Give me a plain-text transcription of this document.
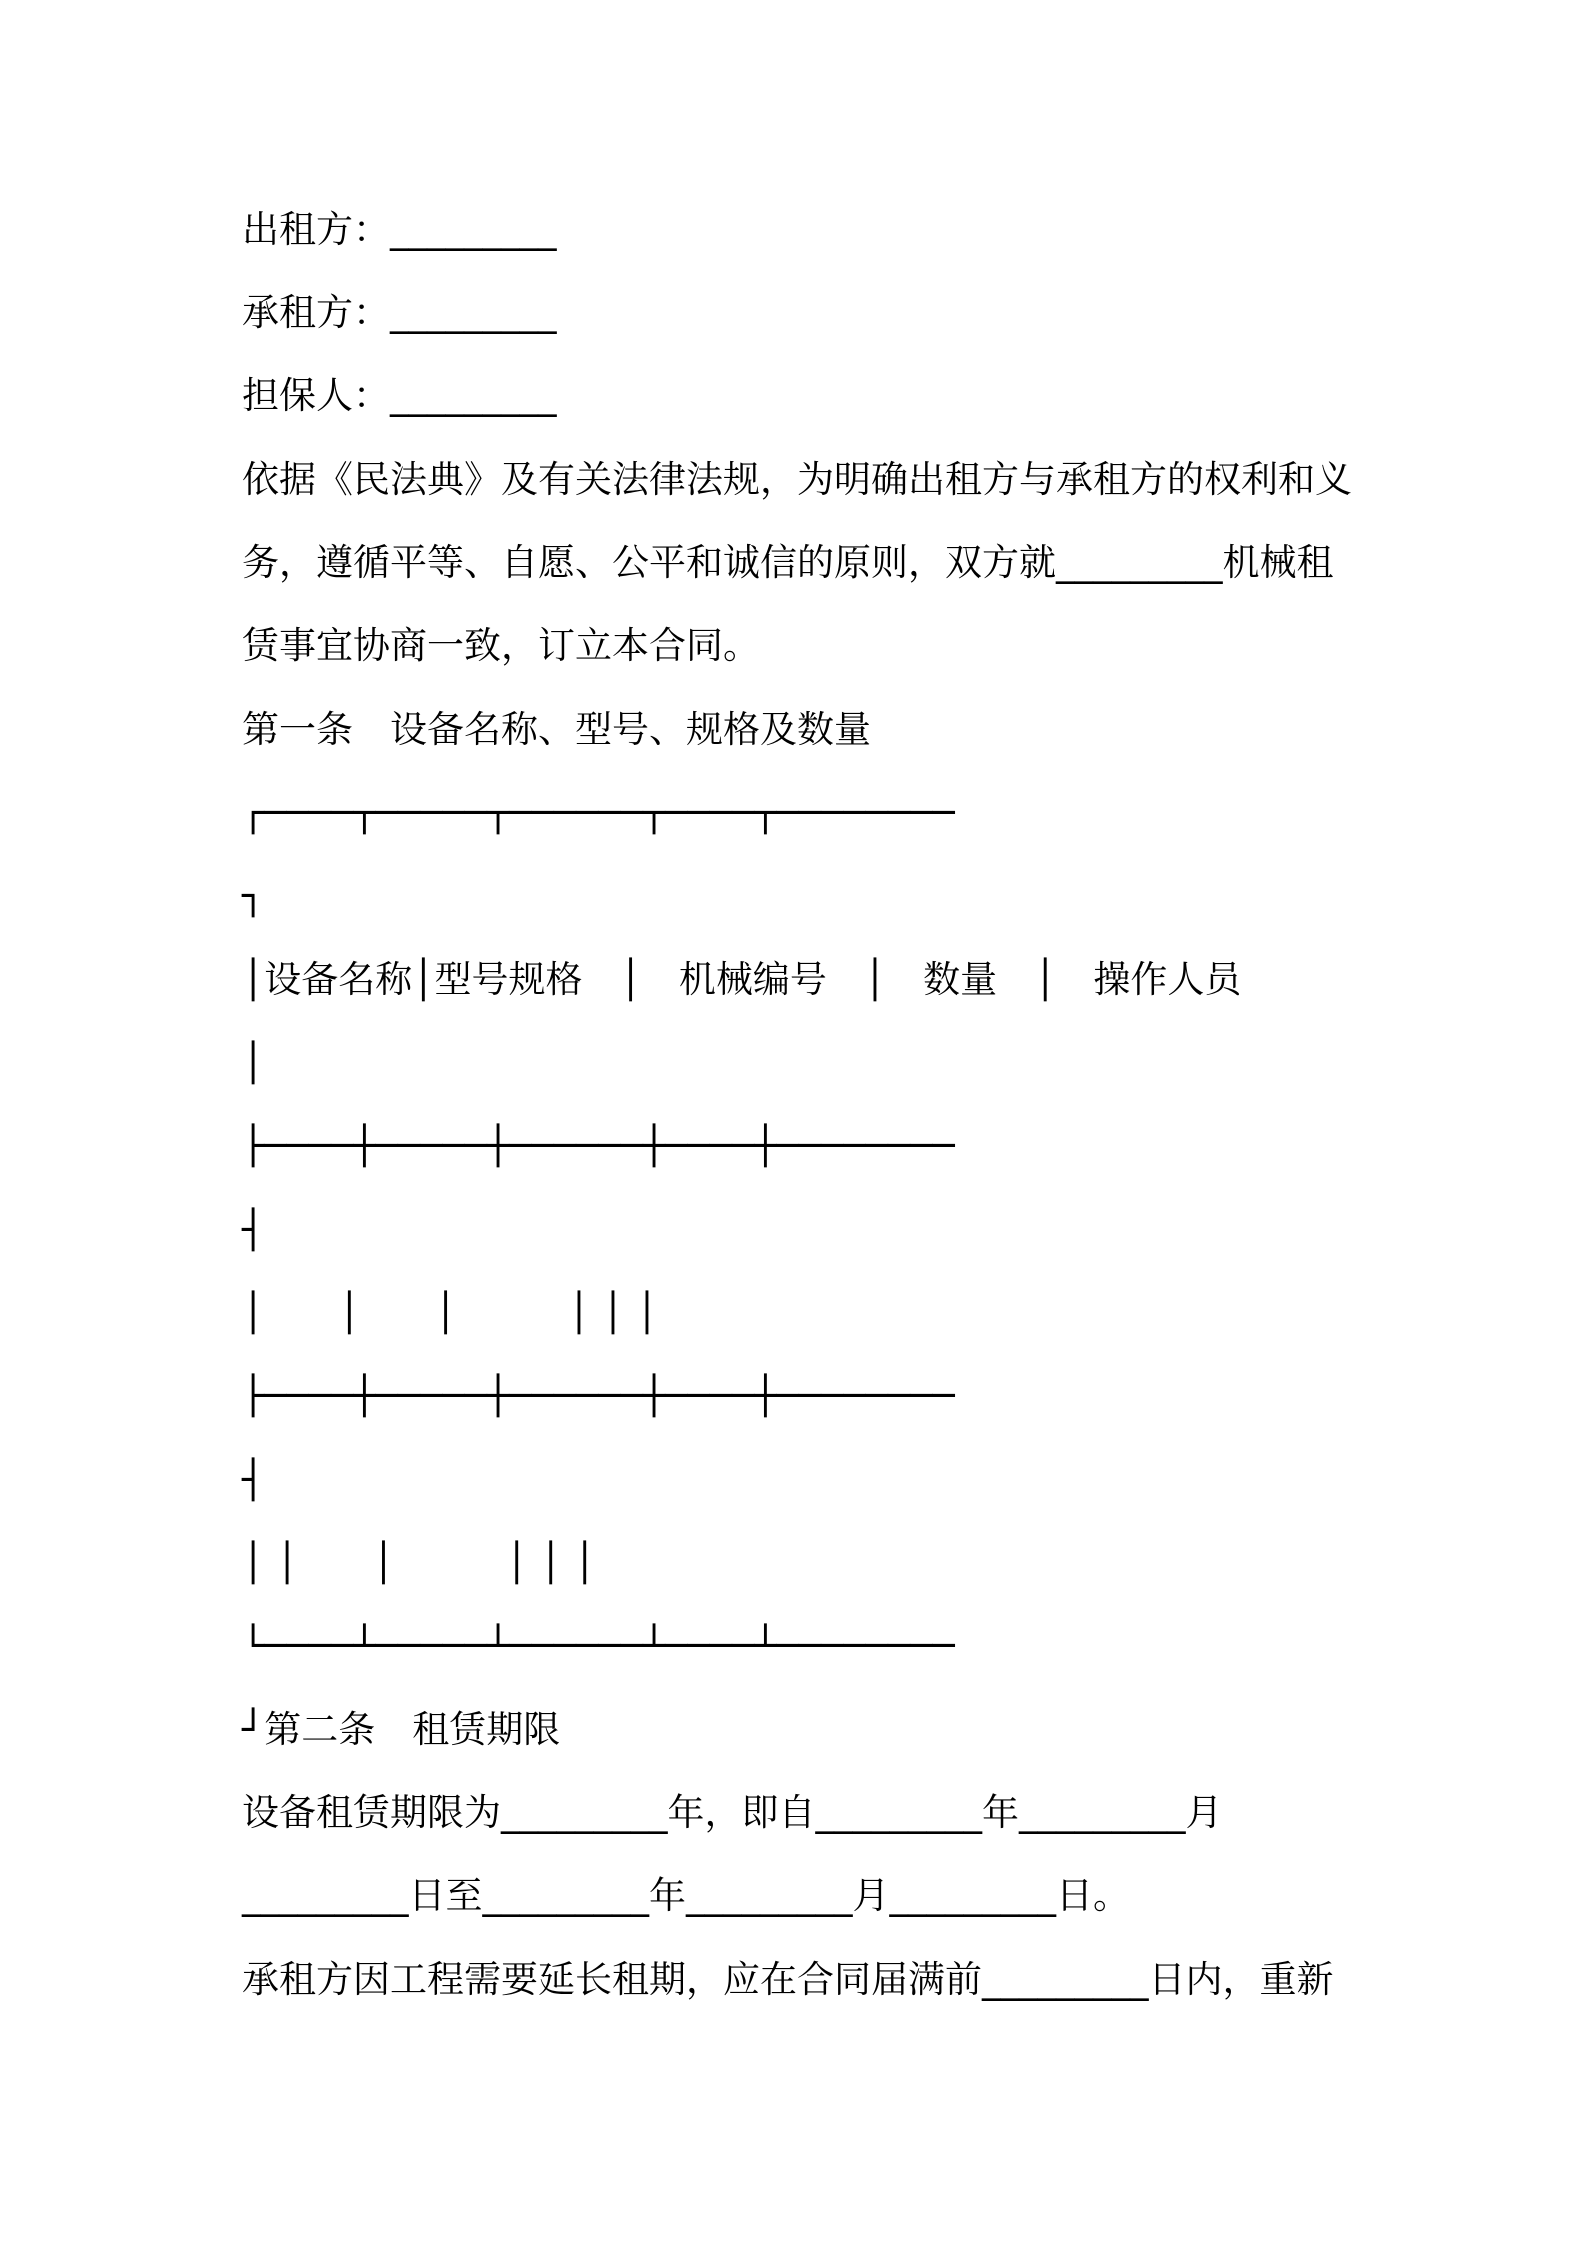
出租方：_________
承租方：_________
担保人：_________
依据《民法典》及有关法律法规，为明确出租方与承租方的权利和义
务，遵循平等、自愿、公平和诚信的原则，双方就_________机械租
赁事宜协商一致，订立本合同。
第一条　设备名称、型号、规格及数量
┌────┬─────┬──────┬────┬────────
┐
│设备名称│型号规格　│　机械编号　│　数量　│　操作人员
│
├────┼─────┼──────┼────┼────────
┤
│　　│　　│　　　│ │ │
├────┼─────┼──────┼────┼────────
┤
│ │　　│　　　│ │ │
└────┴─────┴──────┴────┴────────
┘第二条　租赁期限
设备租赁期限为_________年，即自_________年_________月
_________日至_________年_________月_________日。
承租方因工程需要延长租期，应在合同届满前_________日内，重新
